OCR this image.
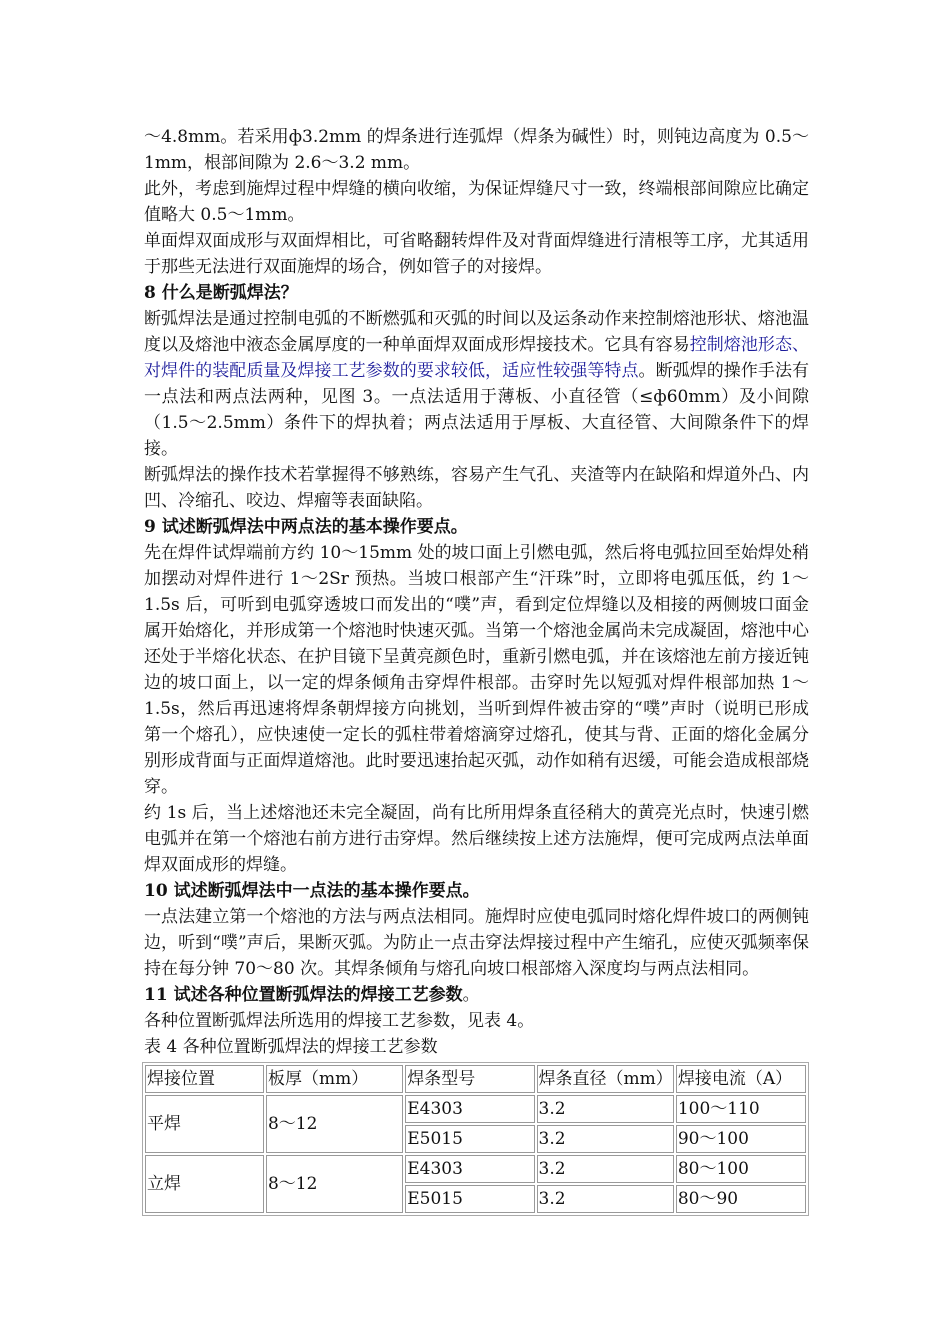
～4.8mm。若采用ф3.2mm 的焊条进行连弧焊（焊条为碱性）时，则钝边高度为 0.5～1mm，根部间隙为 2.6～3.2 mm。

此外，考虑到施焊过程中焊缝的横向收缩，为保证焊缝尺寸一致，终端根部间隙应比确定值略大 0.5～1mm。

单面焊双面成形与双面焊相比，可省略翻转焊件及对背面焊缝进行清根等工序，尤其适用于那些无法进行双面施焊的场合，例如管子的对接焊。

8 什么是断弧焊法？

断弧焊法是通过控制电弧的不断燃弧和灭弧的时间以及运条动作来控制熔池形状、熔池温度以及熔池中液态金属厚度的一种单面焊双面成形焊接技术。它具有容易控制熔池形态、对焊件的装配质量及焊接工艺参数的要求较低，适应性较强等特点。断弧焊的操作手法有一点法和两点法两种，见图 3。一点法适用于薄板、小直径管（≤ф60mm）及小间隙（1.5～2.5mm）条件下的焊执着；两点法适用于厚板、大直径管、大间隙条件下的焊接。

断弧焊法的操作技术若掌握得不够熟练，容易产生气孔、夹渣等内在缺陷和焊道外凸、内凹、冷缩孔、咬边、焊瘤等表面缺陷。

9 试述断弧焊法中两点法的基本操作要点。

先在焊件试焊端前方约 10～15mm 处的坡口面上引燃电弧，然后将电弧拉回至始焊处稍加摆动对焊件进行 1～2Sr 预热。当坡口根部产生“汗珠”时，立即将电弧压低，约 1～1.5s 后，可听到电弧穿透坡口而发出的“噗”声，看到定位焊缝以及相接的两侧坡口面金属开始熔化，并形成第一个熔池时快速灭弧。当第一个熔池金属尚未完成凝固，熔池中心还处于半熔化状态、在护目镜下呈黄亮颜色时，重新引燃电弧，并在该熔池左前方接近钝边的坡口面上，以一定的焊条倾角击穿焊件根部。击穿时先以短弧对焊件根部加热 1～1.5s，然后再迅速将焊条朝焊接方向挑划，当听到焊件被击穿的“噗”声时（说明已形成第一个熔孔），应快速使一定长的弧柱带着熔滴穿过熔孔，使其与背、正面的熔化金属分别形成背面与正面焊道熔池。此时要迅速抬起灭弧，动作如稍有迟缓，可能会造成根部烧穿。

约 1s 后，当上述熔池还未完全凝固，尚有比所用焊条直径稍大的黄亮光点时，快速引燃电弧并在第一个熔池右前方进行击穿焊。然后继续按上述方法施焊，便可完成两点法单面焊双面成形的焊缝。

10 试述断弧焊法中一点法的基本操作要点。

一点法建立第一个熔池的方法与两点法相同。施焊时应使电弧同时熔化焊件坡口的两侧钝边，听到“噗”声后，果断灭弧。为防止一点击穿法焊接过程中产生缩孔，应使灭弧频率保持在每分钟 70～80 次。其焊条倾角与熔孔向坡口根部熔入深度均与两点法相同。

11 试述各种位置断弧焊法的焊接工艺参数。

各种位置断弧焊法所选用的焊接工艺参数，见表 4。

表 4 各种位置断弧焊法的焊接工艺参数

焊接位置	板厚（mm）	焊条型号	焊条直径（mm）	焊接电流（A）
平焊	8～12	E4303	3.2	100～110
		E5015	3.2	90～100
立焊	8～12	E4303	3.2	80～100
		E5015	3.2	80～90
